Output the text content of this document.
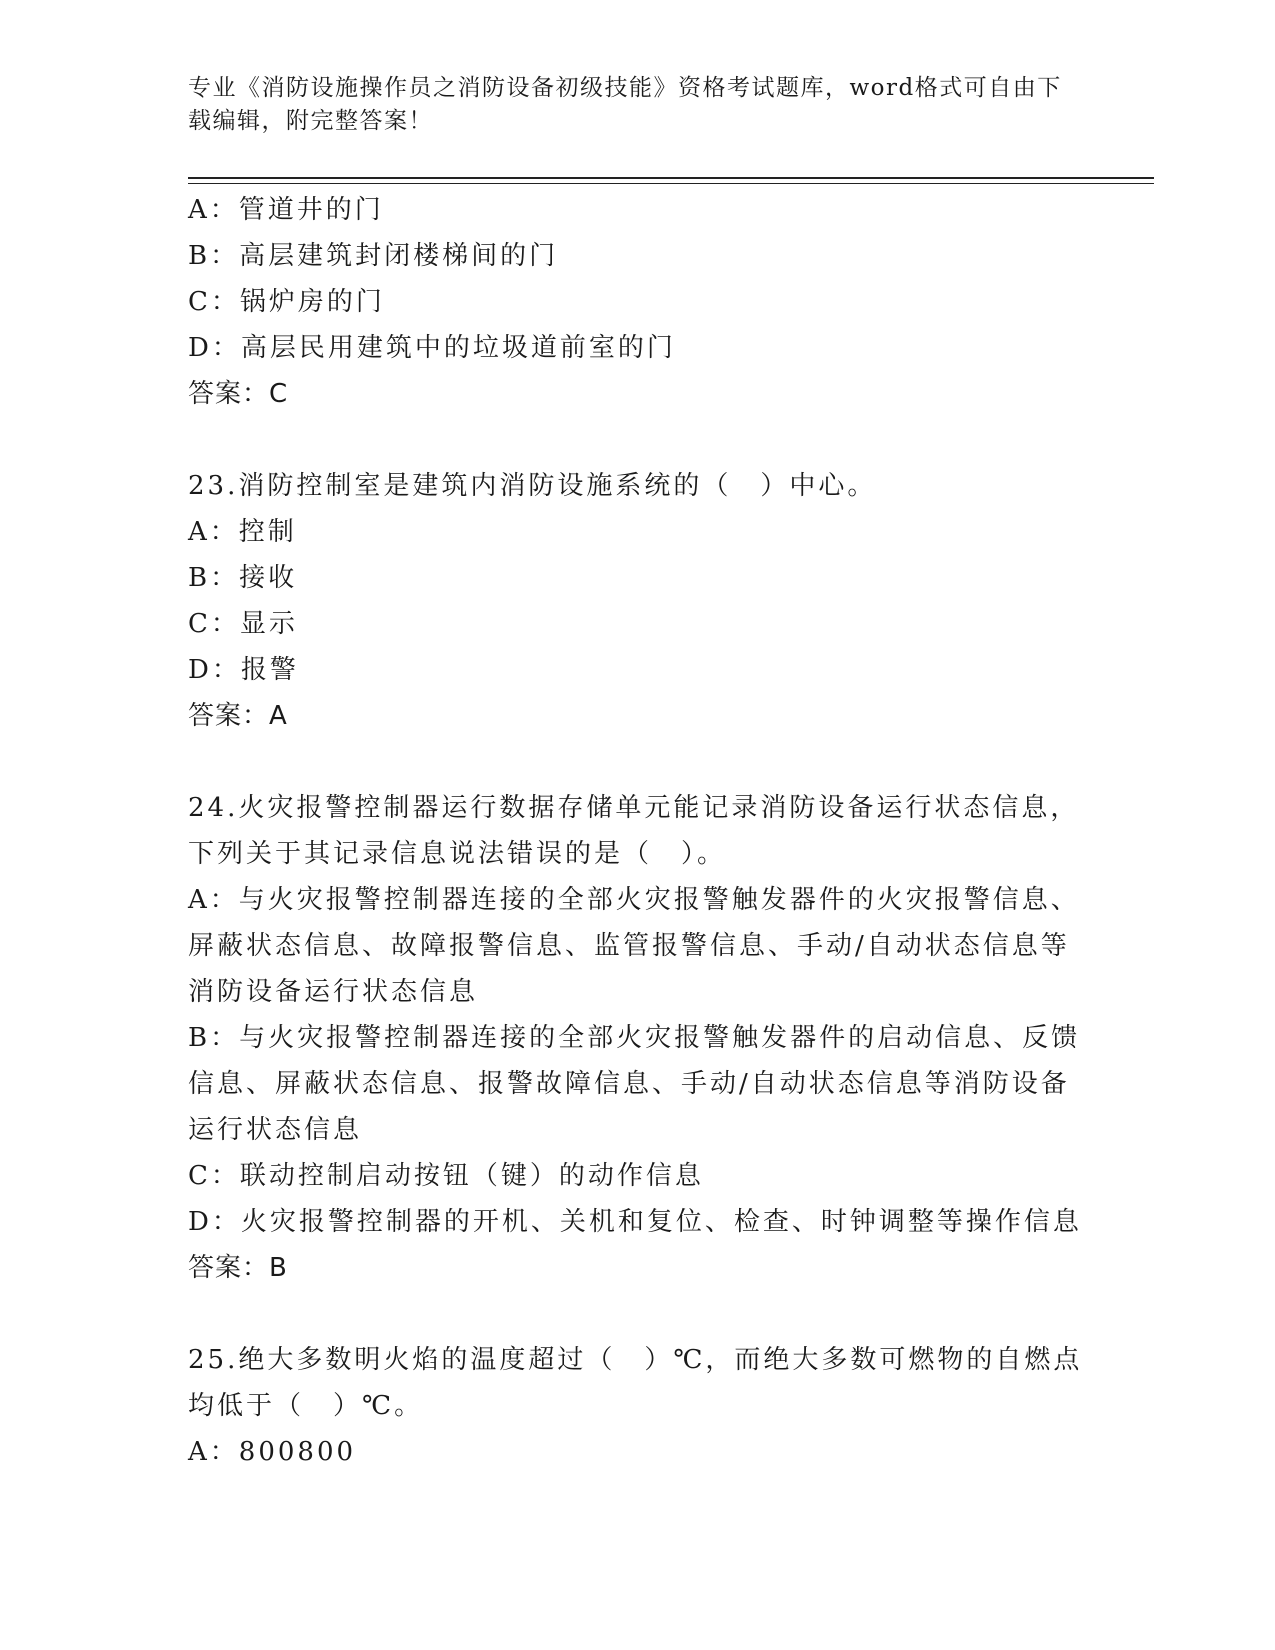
专业《消防设施操作员之消防设备初级技能》资格考试题库，word格式可自由下载编辑，附完整答案！

A：管道井的门

B：高层建筑封闭楼梯间的门

C：锅炉房的门

D：高层民用建筑中的垃圾道前室的门

答案：C

23.消防控制室是建筑内消防设施系统的（　）中心。

A：控制

B：接收

C：显示

D：报警

答案：A

24.火灾报警控制器运行数据存储单元能记录消防设备运行状态信息，下列关于其记录信息说法错误的是（　）。

A：与火灾报警控制器连接的全部火灾报警触发器件的火灾报警信息、屏蔽状态信息、故障报警信息、监管报警信息、手动/自动状态信息等消防设备运行状态信息

B：与火灾报警控制器连接的全部火灾报警触发器件的启动信息、反馈信息、屏蔽状态信息、报警故障信息、手动/自动状态信息等消防设备运行状态信息

C：联动控制启动按钮（键）的动作信息

D：火灾报警控制器的开机、关机和复位、检查、时钟调整等操作信息

答案：B

25.绝大多数明火焰的温度超过（　）℃，而绝大多数可燃物的自燃点均低于（　）℃。

A：800800
